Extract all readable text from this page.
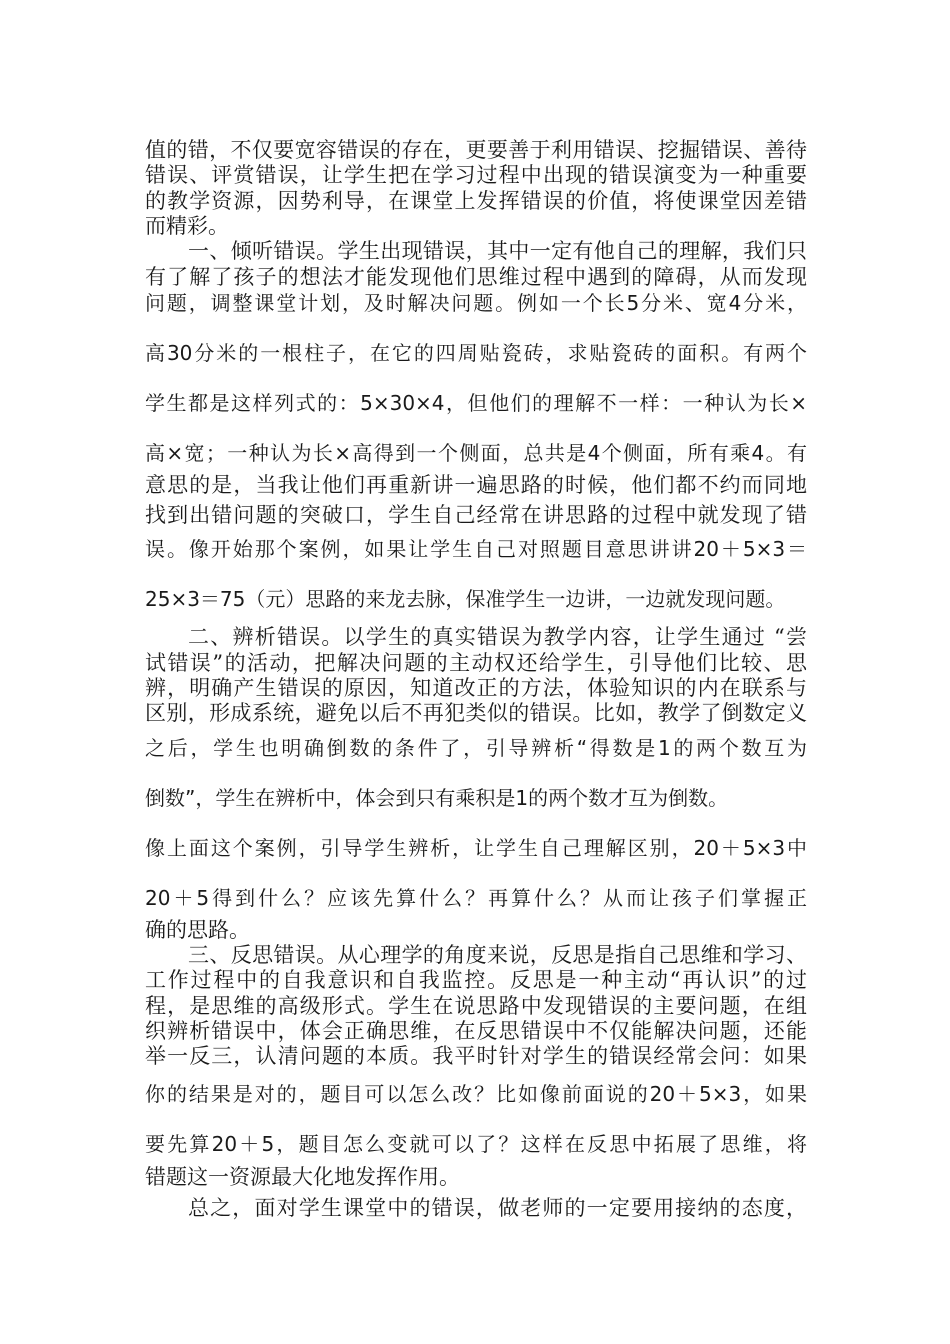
值的错，不仅要宽容错误的存在，更要善于利用错误、挖掘错误、善待
错误、评赏错误，让学生把在学习过程中出现的错误演变为一种重要
的教学资源，因势利导，在课堂上发挥错误的价值，将使课堂因差错
而精彩。
一、倾听错误。学生出现错误，其中一定有他自己的理解，我们只
有了解了孩子的想法才能发现他们思维过程中遇到的障碍，从而发现
问题，调整课堂计划，及时解决问题。例如一个长5分米、宽4分米，
高30分米的一根柱子，在它的四周贴瓷砖，求贴瓷砖的面积。有两个
学生都是这样列式的：5×30×4，但他们的理解不一样：一种认为长×
高×宽；一种认为长×高得到一个侧面，总共是4个侧面，所有乘4。有
意思的是，当我让他们再重新讲一遍思路的时候，他们都不约而同地
找到出错问题的突破口，学生自己经常在讲思路的过程中就发现了错
误。像开始那个案例，如果让学生自己对照题目意思讲讲20＋5×3＝
25×3＝75（元）思路的来龙去脉，保准学生一边讲，一边就发现问题。
二、辨析错误。以学生的真实错误为教学内容，让学生通过 “尝
试错误”的活动，把解决问题的主动权还给学生，引导他们比较、思
辨，明确产生错误的原因，知道改正的方法，体验知识的内在联系与
区别，形成系统，避免以后不再犯类似的错误。比如，教学了倒数定义
之后，学生也明确倒数的条件了，引导辨析“得数是1的两个数互为
倒数”，学生在辨析中，体会到只有乘积是1的两个数才互为倒数。
像上面这个案例，引导学生辨析，让学生自己理解区别，20＋5×3中
20＋5得到什么？应该先算什么？再算什么？从而让孩子们掌握正
确的思路。
三、反思错误。从心理学的角度来说，反思是指自己思维和学习、
工作过程中的自我意识和自我监控。反思是一种主动“再认识”的过
程，是思维的高级形式。学生在说思路中发现错误的主要问题，在组
织辨析错误中，体会正确思维，在反思错误中不仅能解决问题，还能
举一反三，认清问题的本质。我平时针对学生的错误经常会问：如果
你的结果是对的，题目可以怎么改？比如像前面说的20＋5×3，如果
要先算20＋5，题目怎么变就可以了？这样在反思中拓展了思维，将
错题这一资源最大化地发挥作用。
总之，面对学生课堂中的错误，做老师的一定要用接纳的态度，
